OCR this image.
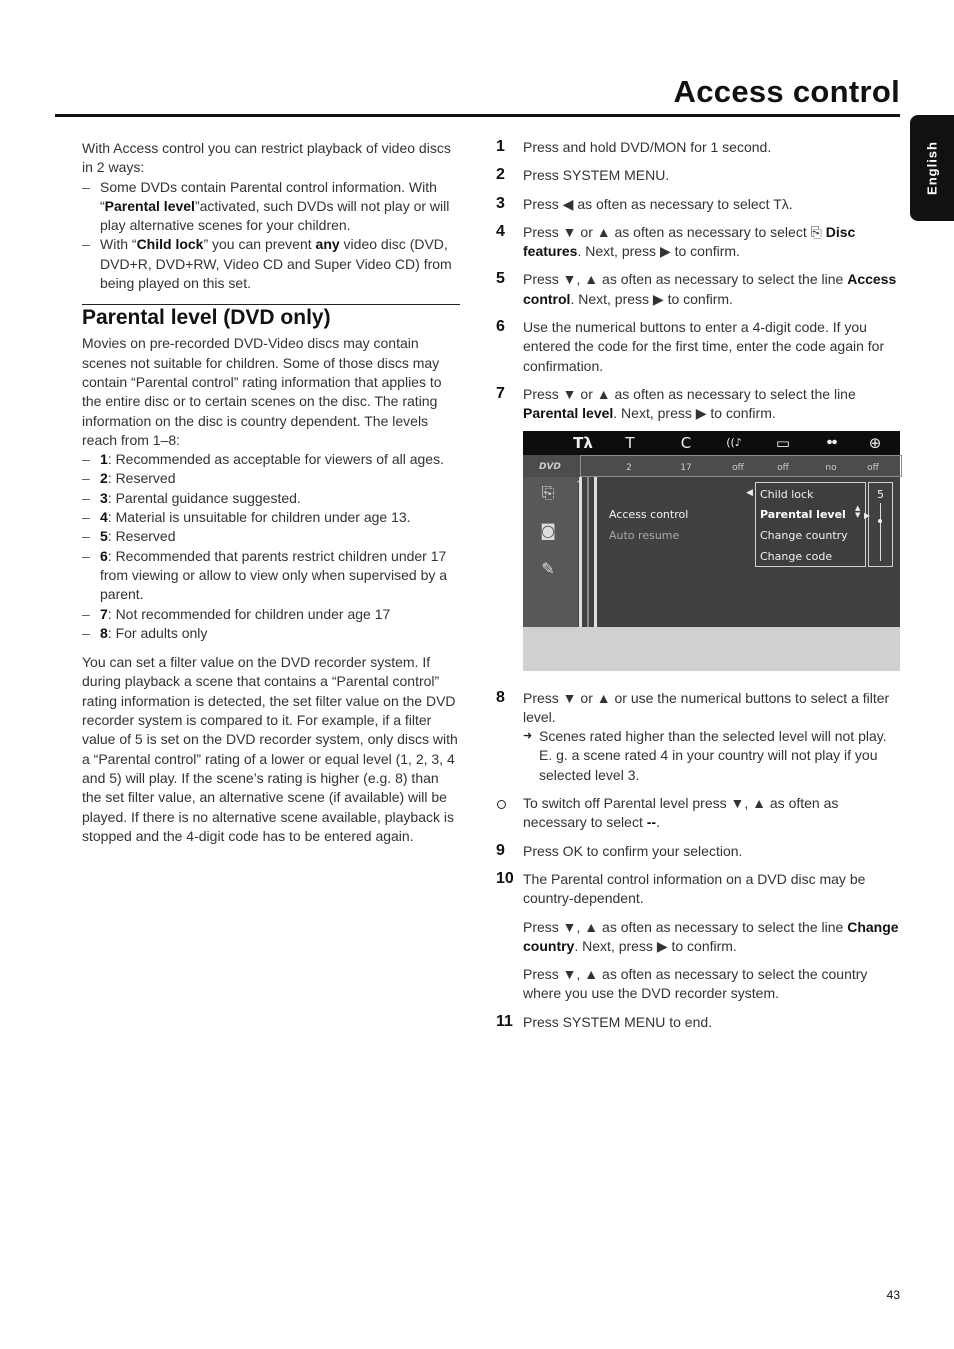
Access control
English

With Access control you can restrict playback of video discs in 2 ways:

– Some DVDs contain Parental control information. With “Parental level”activated, such DVDs will not play or will play alternative scenes for your children.

– With “Child lock” you can prevent any video disc (DVD, DVD+R, DVD+RW, Video CD and Super Video CD) from being played on this set.

Parental level (DVD only)

Movies on pre-recorded DVD-Video discs may contain scenes not suitable for children. Some of those discs may contain “Parental control” rating information that applies to the entire disc or to certain scenes on the disc. The rating information on the disc is country dependent. The levels reach from 1–8:

– 1: Recommended as acceptable for viewers of all ages.

– 2: Reserved

– 3: Parental guidance suggested.

– 4: Material is unsuitable for children under age 13.

– 5: Reserved

– 6: Recommended that parents restrict children under 17 from viewing or allow to view only when supervised by a parent.

– 7: Not recommended for children under age 17

– 8: For adults only

You can set a filter value on the DVD recorder system. If during playback a scene that contains a “Parental control” rating information is detected, the set filter value on the DVD recorder system is compared to it. For example, if a filter value of 5 is set on the DVD recorder system, only discs with a “Parental control” rating of a lower or equal level (1, 2, 3, 4 and 5) will play. If the scene’s rating is higher (e.g. 8) than the set filter value, an alternative scene (if available) will be played. If there is no alternative scene available, playback is stopped and the 4-digit code has to be entered again.

1 Press and hold DVD/MON for 1 second.

2 Press SYSTEM MENU.

3 Press ◀ as often as necessary to select Tλ.

4 Press ▼ or ▲ as often as necessary to select ⎘ Disc features. Next, press ▶ to confirm.

5 Press ▼, ▲ as often as necessary to select the line Access control. Next, press ▶ to confirm.

6 Use the numerical buttons to enter a 4-digit code. If you entered the code for the first time, enter the code again for confirmation.

7 Press ▼ or ▲ as often as necessary to select the line Parental level. Next, press ▶ to confirm.

Tλ	T	C	((♪	▭	⏺⏺	⊕
DVD	2	17	off	off	no	off
⎘
◙
✎
↑
Access control
Auto resume
◀ Child lock
Parental level
Change country
Change code
▲
▼ ▶
5
8 Press ▼ or ▲ or use the numerical buttons to select a filter level.

➜ Scenes rated higher than the selected level will not play. E. g. a scene rated 4 in your country will not play if you selected level 3.

To switch off Parental level press ▼, ▲ as often as necessary to select --.

9 Press OK to confirm your selection.

10 The Parental control information on a DVD disc may be country-dependent.

Press ▼, ▲ as often as necessary to select the line Change country. Next, press ▶ to confirm.

Press ▼, ▲ as often as necessary to select the country where you use the DVD recorder system.

11 Press SYSTEM MENU to end.

43
